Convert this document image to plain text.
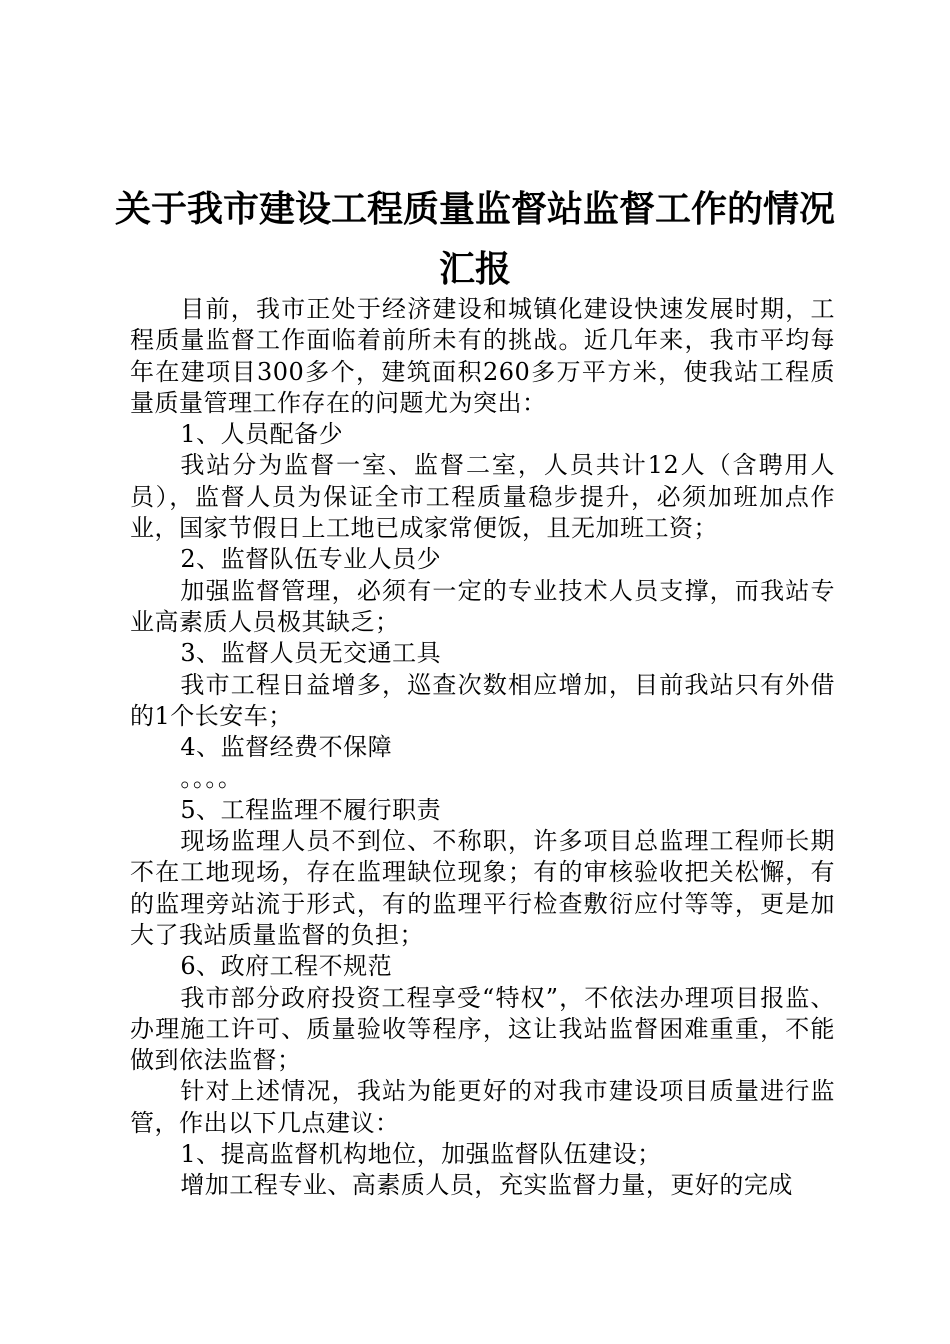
关于我市建设工程质量监督站监督工作的情况
汇报

目前，我市正处于经济建设和城镇化建设快速发展时期，工程质量监督工作面临着前所未有的挑战。近几年来，我市平均每年在建项目300多个，建筑面积260多万平方米，使我站工程质量质量管理工作存在的问题尤为突出：

1、人员配备少

我站分为监督一室、监督二室，人员共计12人（含聘用人员），监督人员为保证全市工程质量稳步提升，必须加班加点作业，国家节假日上工地已成家常便饭，且无加班工资；

2、监督队伍专业人员少

加强监督管理，必须有一定的专业技术人员支撑，而我站专业高素质人员极其缺乏；

3、监督人员无交通工具

我市工程日益增多，巡查次数相应增加，目前我站只有外借的1个长安车；

4、监督经费不保障

。。。。

5、工程监理不履行职责

现场监理人员不到位、不称职，许多项目总监理工程师长期不在工地现场，存在监理缺位现象；有的审核验收把关松懈，有的监理旁站流于形式，有的监理平行检查敷衍应付等等，更是加大了我站质量监督的负担；

6、政府工程不规范

我市部分政府投资工程享受“特权”，不依法办理项目报监、办理施工许可、质量验收等程序，这让我站监督困难重重，不能做到依法监督；

针对上述情况，我站为能更好的对我市建设项目质量进行监管，作出以下几点建议：

1、提高监督机构地位，加强监督队伍建设；

增加工程专业、高素质人员，充实监督力量，更好的完成
